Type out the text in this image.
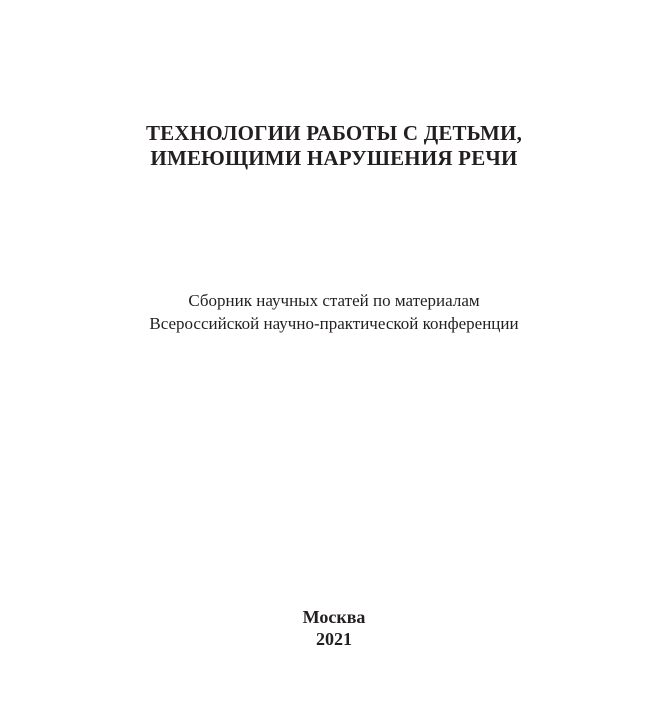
ТЕХНОЛОГИИ РАБОТЫ С ДЕТЬМИ,
ИМЕЮЩИМИ НАРУШЕНИЯ РЕЧИ
Сборник научных статей по материалам
Всероссийской научно-практической конференции
Москва
2021
